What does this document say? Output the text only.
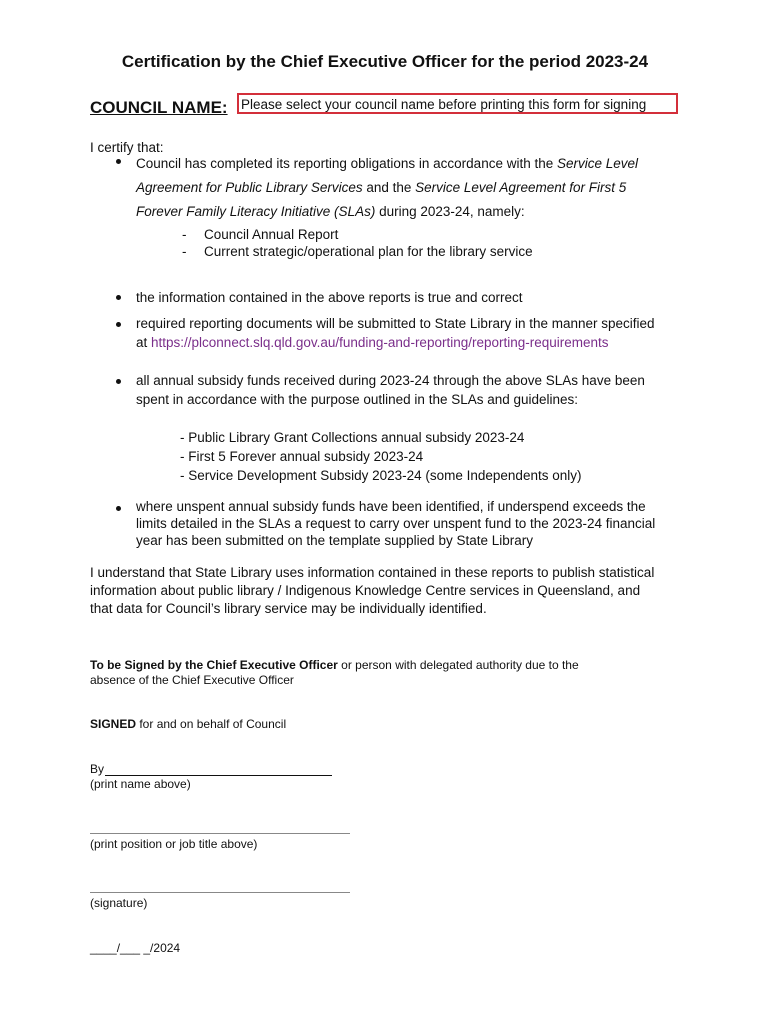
Certification by the Chief Executive Officer for the period 2023-24
COUNCIL NAME: Please select your council name before printing this form for signing
I certify that:
Council has completed its reporting obligations in accordance with the Service Level Agreement for Public Library Services and the Service Level Agreement for First 5 Forever Family Literacy Initiative (SLAs) during 2023-24, namely:
-
-
Council Annual Report
Current strategic/operational plan for the library service
the information contained in the above reports is true and correct
required reporting documents will be submitted to State Library in the manner specified
at https://plconnect.slq.qld.gov.au/funding-and-reporting/reporting-requirements
all annual subsidy funds received during 2023-24 through the above SLAs have been
spent in accordance with the purpose outlined in the SLAs and guidelines:
- Public Library Grant Collections annual subsidy 2023-24
- First 5 Forever annual subsidy 2023-24
- Service Development Subsidy 2023-24 (some Independents only)
where unspent annual subsidy funds have been identified, if underspend exceeds the
limits detailed in the SLAs a request to carry over unspent fund to the 2023-24 financial
year has been submitted on the template supplied by State Library
I understand that State Library uses information contained in these reports to publish statistical
information about public library / Indigenous Knowledge Centre services in Queensland, and
that data for Council’s library service may be individually identified.
To be Signed by the Chief Executive Officer or person with delegated authority due to the
absence of the Chief Executive Officer
SIGNED for and on behalf of Council
By
(print name above)
(print position or job title above)
(signature)
____/___ _/2024
